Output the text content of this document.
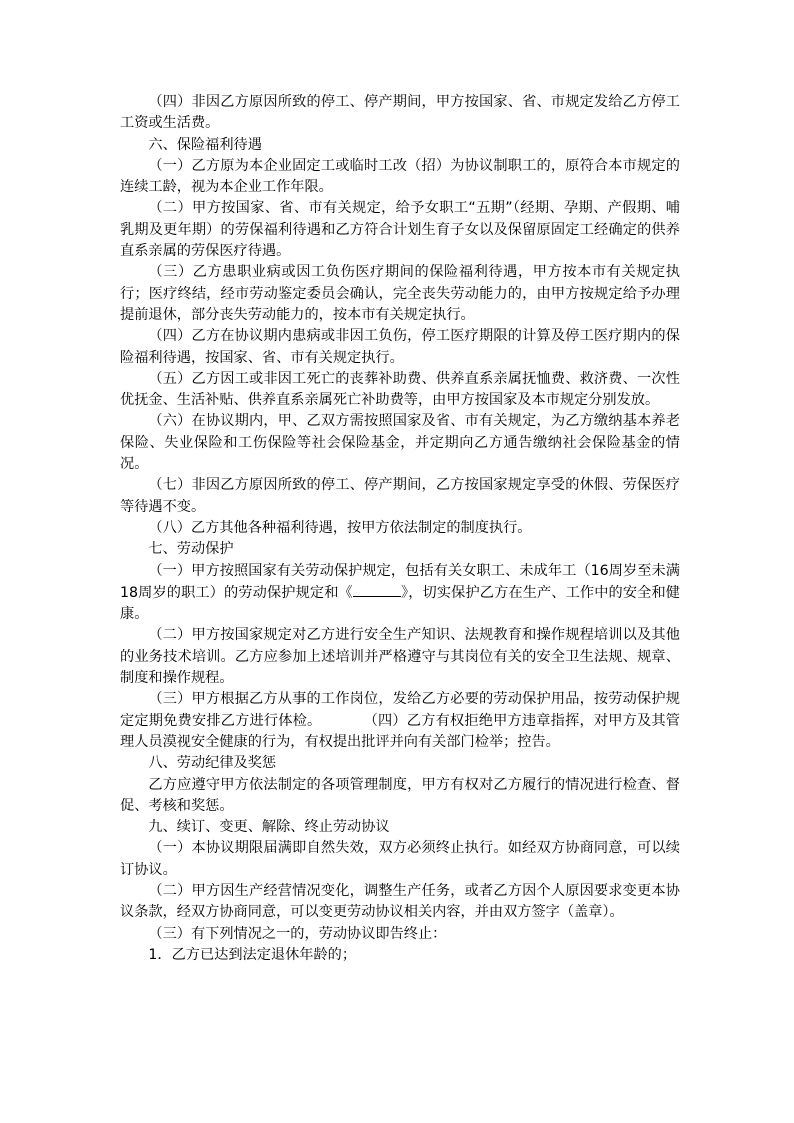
（四）非因乙方原因所致的停工、停产期间，甲方按国家、省、市规定发给乙方停工工资或生活费。

六、保险福利待遇

（一）乙方原为本企业固定工或临时工改（招）为协议制职工的，原符合本市规定的连续工龄，视为本企业工作年限。

（二）甲方按国家、省、市有关规定，给予女职工“五期”（经期、孕期、产假期、哺乳期及更年期）的劳保福利待遇和乙方符合计划生育子女以及保留原固定工经确定的供养直系亲属的劳保医疗待遇。

（三）乙方患职业病或因工负伤医疗期间的保险福利待遇，甲方按本市有关规定执行；医疗终结，经市劳动鉴定委员会确认，完全丧失劳动能力的，由甲方按规定给予办理提前退休，部分丧失劳动能力的，按本市有关规定执行。

（四）乙方在协议期内患病或非因工负伤，停工医疗期限的计算及停工医疗期内的保险福利待遇，按国家、省、市有关规定执行。

（五）乙方因工或非因工死亡的丧葬补助费、供养直系亲属抚恤费、救济费、一次性优抚金、生活补贴、供养直系亲属死亡补助费等，由甲方按国家及本市规定分别发放。

（六）在协议期内，甲、乙双方需按照国家及省、市有关规定，为乙方缴纳基本养老保险、失业保险和工伤保险等社会保险基金，并定期向乙方通告缴纳社会保险基金的情况。

（七）非因乙方原因所致的停工、停产期间，乙方按国家规定享受的休假、劳保医疗等待遇不变。

（八）乙方其他各种福利待遇，按甲方依法制定的制度执行。

七、劳动保护

（一）甲方按照国家有关劳动保护规定，包括有关女职工、未成年工（16周岁至未满18周岁的职工）的劳动保护规定和《	》，切实保护乙方在生产、工作中的安全和健康。

（二）甲方按国家规定对乙方进行安全生产知识、法规教育和操作规程培训以及其他的业务技术培训。乙方应参加上述培训并严格遵守与其岗位有关的安全卫生法规、规章、制度和操作规程。

（三）甲方根据乙方从事的工作岗位，发给乙方必要的劳动保护用品，按劳动保护规定定期免费安排乙方进行体检。	（四）乙方有权拒绝甲方违章指挥，对甲方及其管理人员漠视安全健康的行为，有权提出批评并向有关部门检举；控告。

八、劳动纪律及奖惩

乙方应遵守甲方依法制定的各项管理制度，甲方有权对乙方履行的情况进行检查、督促、考核和奖惩。

九、续订、变更、解除、终止劳动协议

（一）本协议期限届满即自然失效，双方必须终止执行。如经双方协商同意，可以续订协议。

（二）甲方因生产经营情况变化，调整生产任务，或者乙方因个人原因要求变更本协议条款，经双方协商同意，可以变更劳动协议相关内容，并由双方签字（盖章）。

（三）有下列情况之一的，劳动协议即告终止：

1．乙方已达到法定退休年龄的；
